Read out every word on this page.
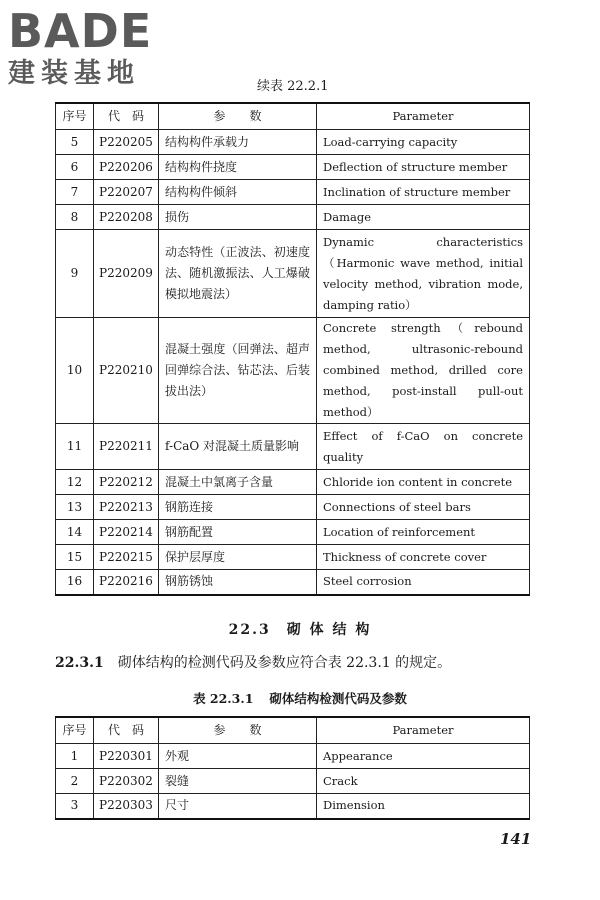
BADE
建装基地	续表 22.2.1
序号	代　码	参　　数	Parameter
5	P220205	结构构件承载力	Load-carrying capacity
6	P220206	结构构件挠度	Deflection of structure member
7	P220207	结构构件倾斜	Inclination of structure member
8	P220208	损伤	Damage
9	P220209	动态特性（正波法、初速度法、随机激振法、人工爆破模拟地震法）	Dynamic characteristics（Harmonic wave method, initial velocity method, vibration mode, damping ratio）
10	P220210	混凝土强度（回弹法、超声回弹综合法、钻芯法、后装拔出法）	Concrete strength（rebound method, ultrasonic-rebound combined method, drilled core method, post-install pull-out method）
11	P220211	f-CaO 对混凝土质量影响	Effect of f-CaO on concrete quality
12	P220212	混凝土中氯离子含量	Chloride ion content in concrete
13	P220213	钢筋连接	Connections of steel bars
14	P220214	钢筋配置	Location of reinforcement
15	P220215	保护层厚度	Thickness of concrete cover
16	P220216	钢筋锈蚀	Steel corrosion
22.3　砌 体 结 构
22.3.1 砌体结构的检测代码及参数应符合表 22.3.1 的规定。
表 22.3.1 砌体结构检测代码及参数
序号	代　码	参　　数	Parameter
1	P220301	外观	Appearance
2	P220302	裂缝	Crack
3	P220303	尺寸	Dimension
141
